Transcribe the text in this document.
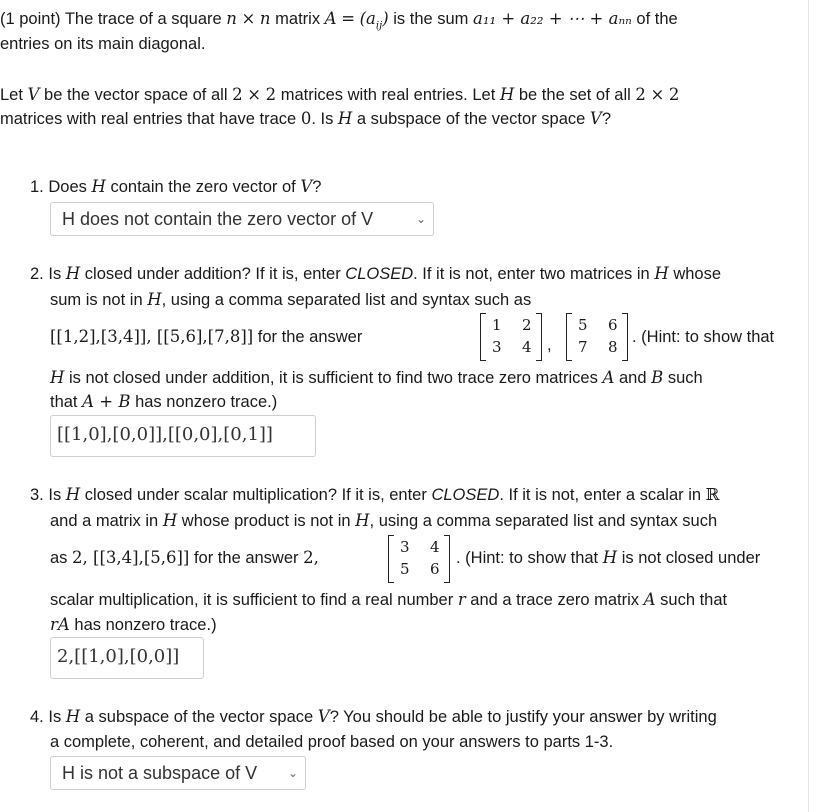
(1 point) The trace of a square n × n matrix $A = (a_{ij})$ is the sum a₁₁ + a₂₂ + ⋯ + aₙₙ of the
entries on its main diagonal.
Let V be the vector space of all 2 × 2 matrices with real entries. Let H be the set of all 2 × 2
matrices with real entries that have trace 0. Is H a subspace of the vector space V?
1. Does H contain the zero vector of V?
H does not contain the zero vector of V	⌄
2. Is H closed under addition? If it is, enter CLOSED. If it is not, enter two matrices in H whose
sum is not in H, using a comma separated list and syntax such as
[[1,2],[3,4]], [[5,6],[7,8]] for the answer
1 2
3 4 ,
5 6
7 8
. (Hint: to show that
H is not closed under addition, it is sufficient to find two trace zero matrices A and B such
that A + B has nonzero trace.)
[[1,0],[0,0]],[[0,0],[0,1]]
3. Is H closed under scalar multiplication? If it is, enter CLOSED. If it is not, enter a scalar in ℝ
and a matrix in H whose product is not in H, using a comma separated list and syntax such
as 2, [[3,4],[5,6]] for the answer 2,
3 4
5 6
. (Hint: to show that H is not closed under
scalar multiplication, it is sufficient to find a real number r and a trace zero matrix A such that
rA has nonzero trace.)
2,[[1,0],[0,0]]
4. Is H a subspace of the vector space V? You should be able to justify your answer by writing
a complete, coherent, and detailed proof based on your answers to parts 1-3.
H is not a subspace of V	⌄
